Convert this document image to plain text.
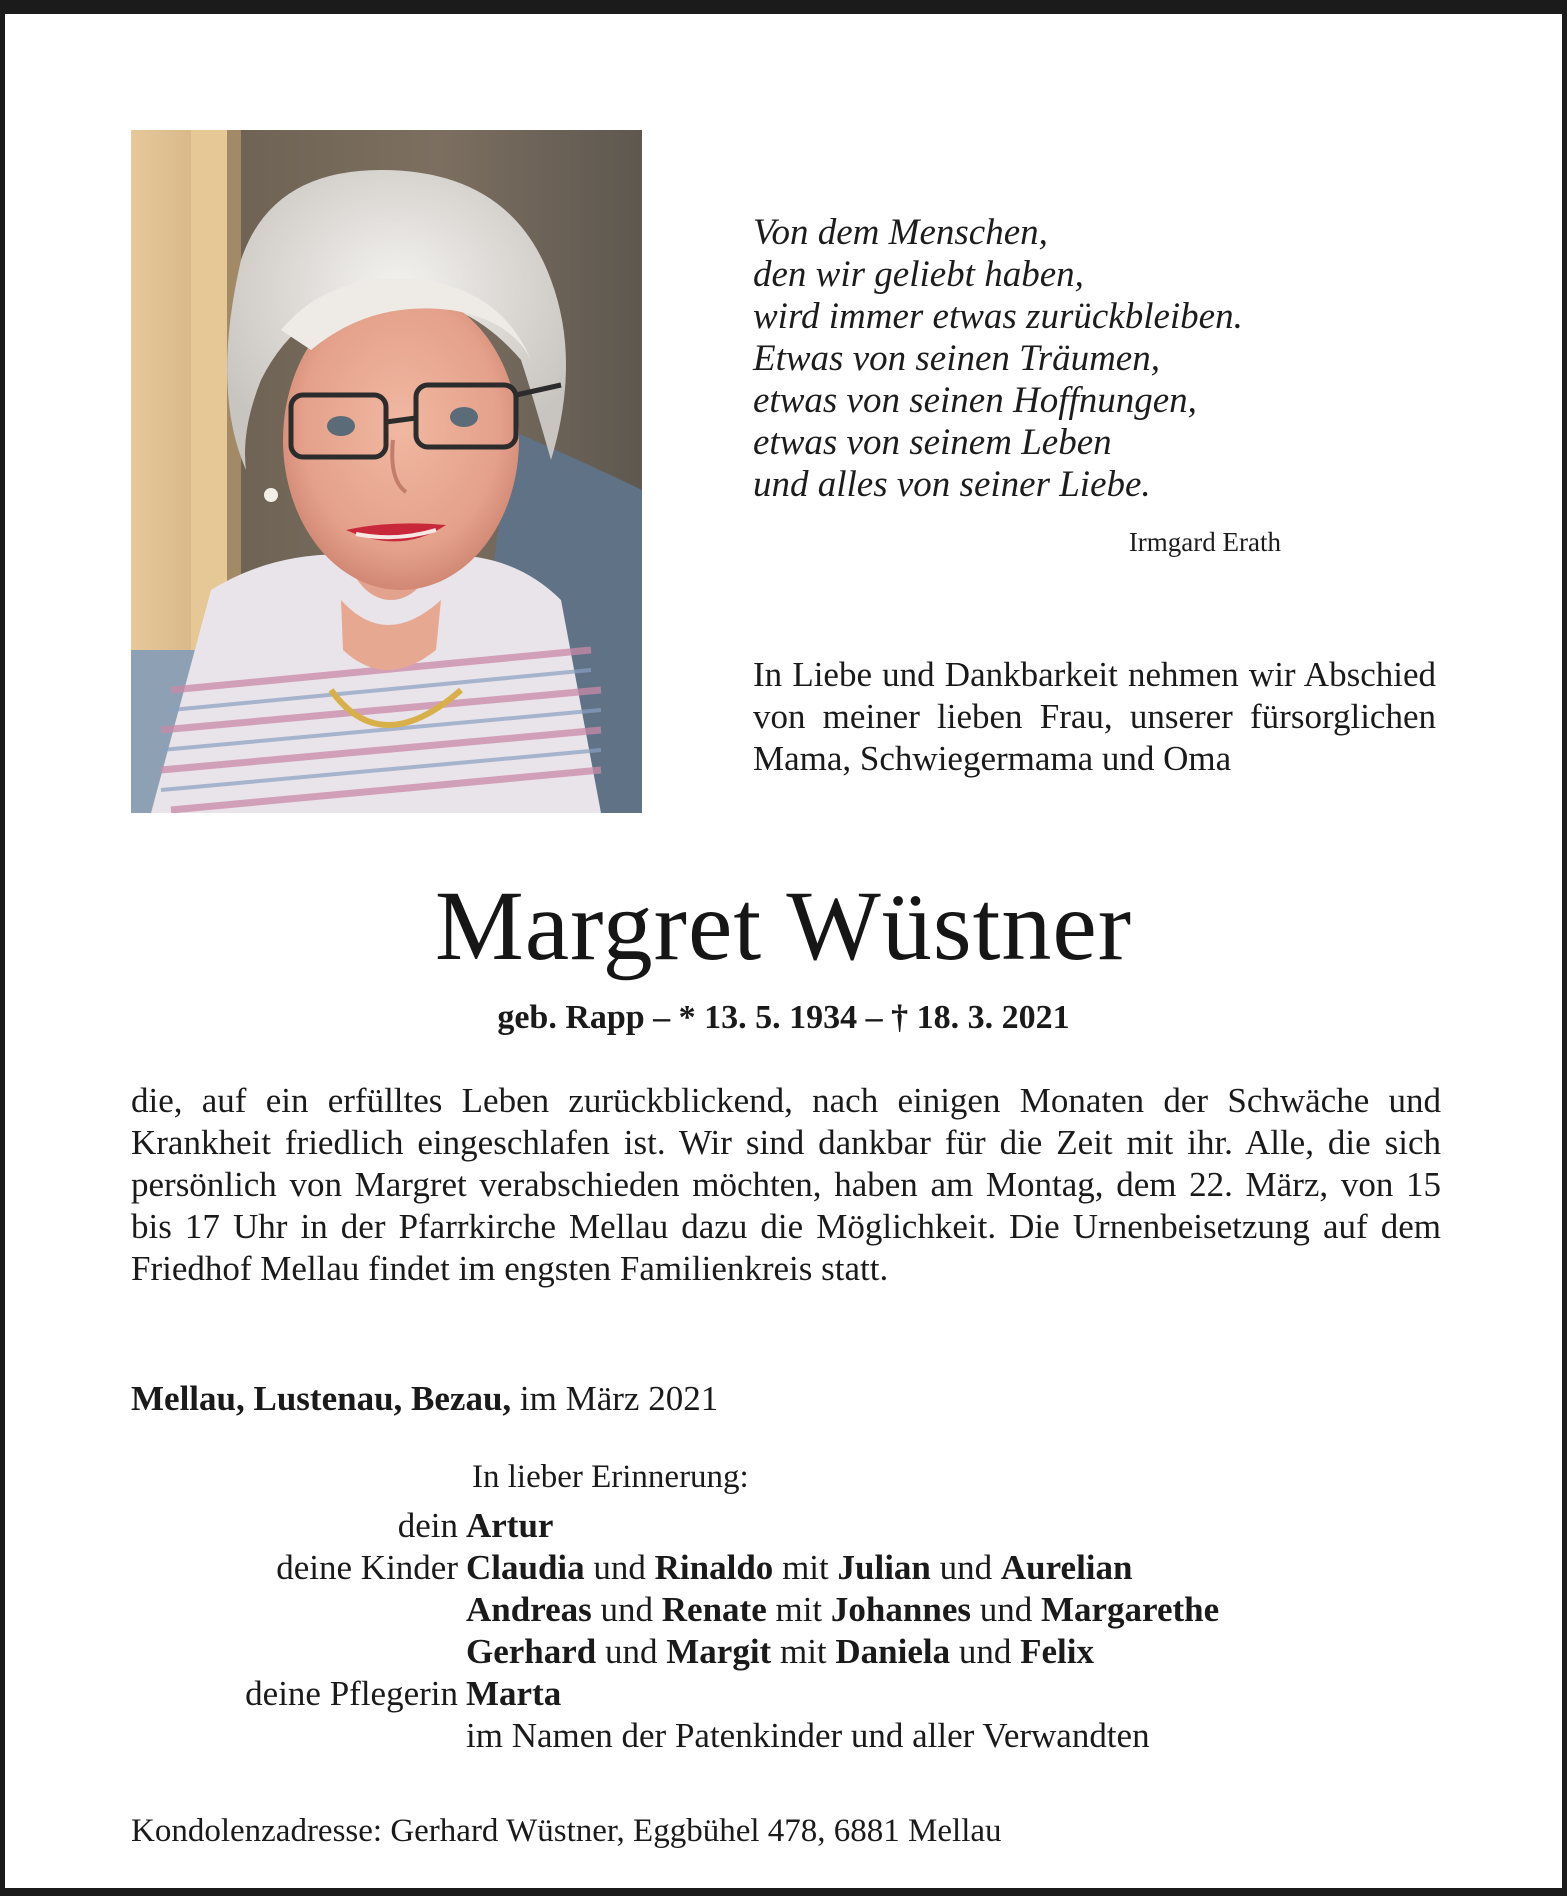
Von dem Menschen,
den wir geliebt haben,
wird immer etwas zurückbleiben.
Etwas von seinen Träumen,
etwas von seinen Hoffnungen,
etwas von seinem Leben
und alles von seiner Liebe.
Irmgard Erath
In Liebe und Dankbarkeit nehmen wir Abschied von meiner lieben Frau, unserer fürsorglichen Mama, Schwiegermama und Oma
Margret Wüstner
geb. Rapp – * 13. 5. 1934 – † 18. 3. 2021
die, auf ein erfülltes Leben zurückblickend, nach einigen Monaten der Schwäche und Krankheit friedlich eingeschlafen ist. Wir sind dankbar für die Zeit mit ihr. Alle, die sich persönlich von Margret verabschieden möchten, haben am Montag, dem 22. März, von 15 bis 17 Uhr in der Pfarrkirche Mellau dazu die Möglichkeit. Die Urnenbeisetzung auf dem Friedhof Mellau findet im engsten Familienkreis statt.
Mellau, Lustenau, Bezau, im März 2021
In lieber Erinnerung:
dein Artur
deine Kinder Claudia und Rinaldo mit Julian und Aurelian
Andreas und Renate mit Johannes und Margarethe
Gerhard und Margit mit Daniela und Felix
deine Pflegerin Marta
im Namen der Patenkinder und aller Verwandten
Kondolenzadresse: Gerhard Wüstner, Eggbühel 478, 6881 Mellau
